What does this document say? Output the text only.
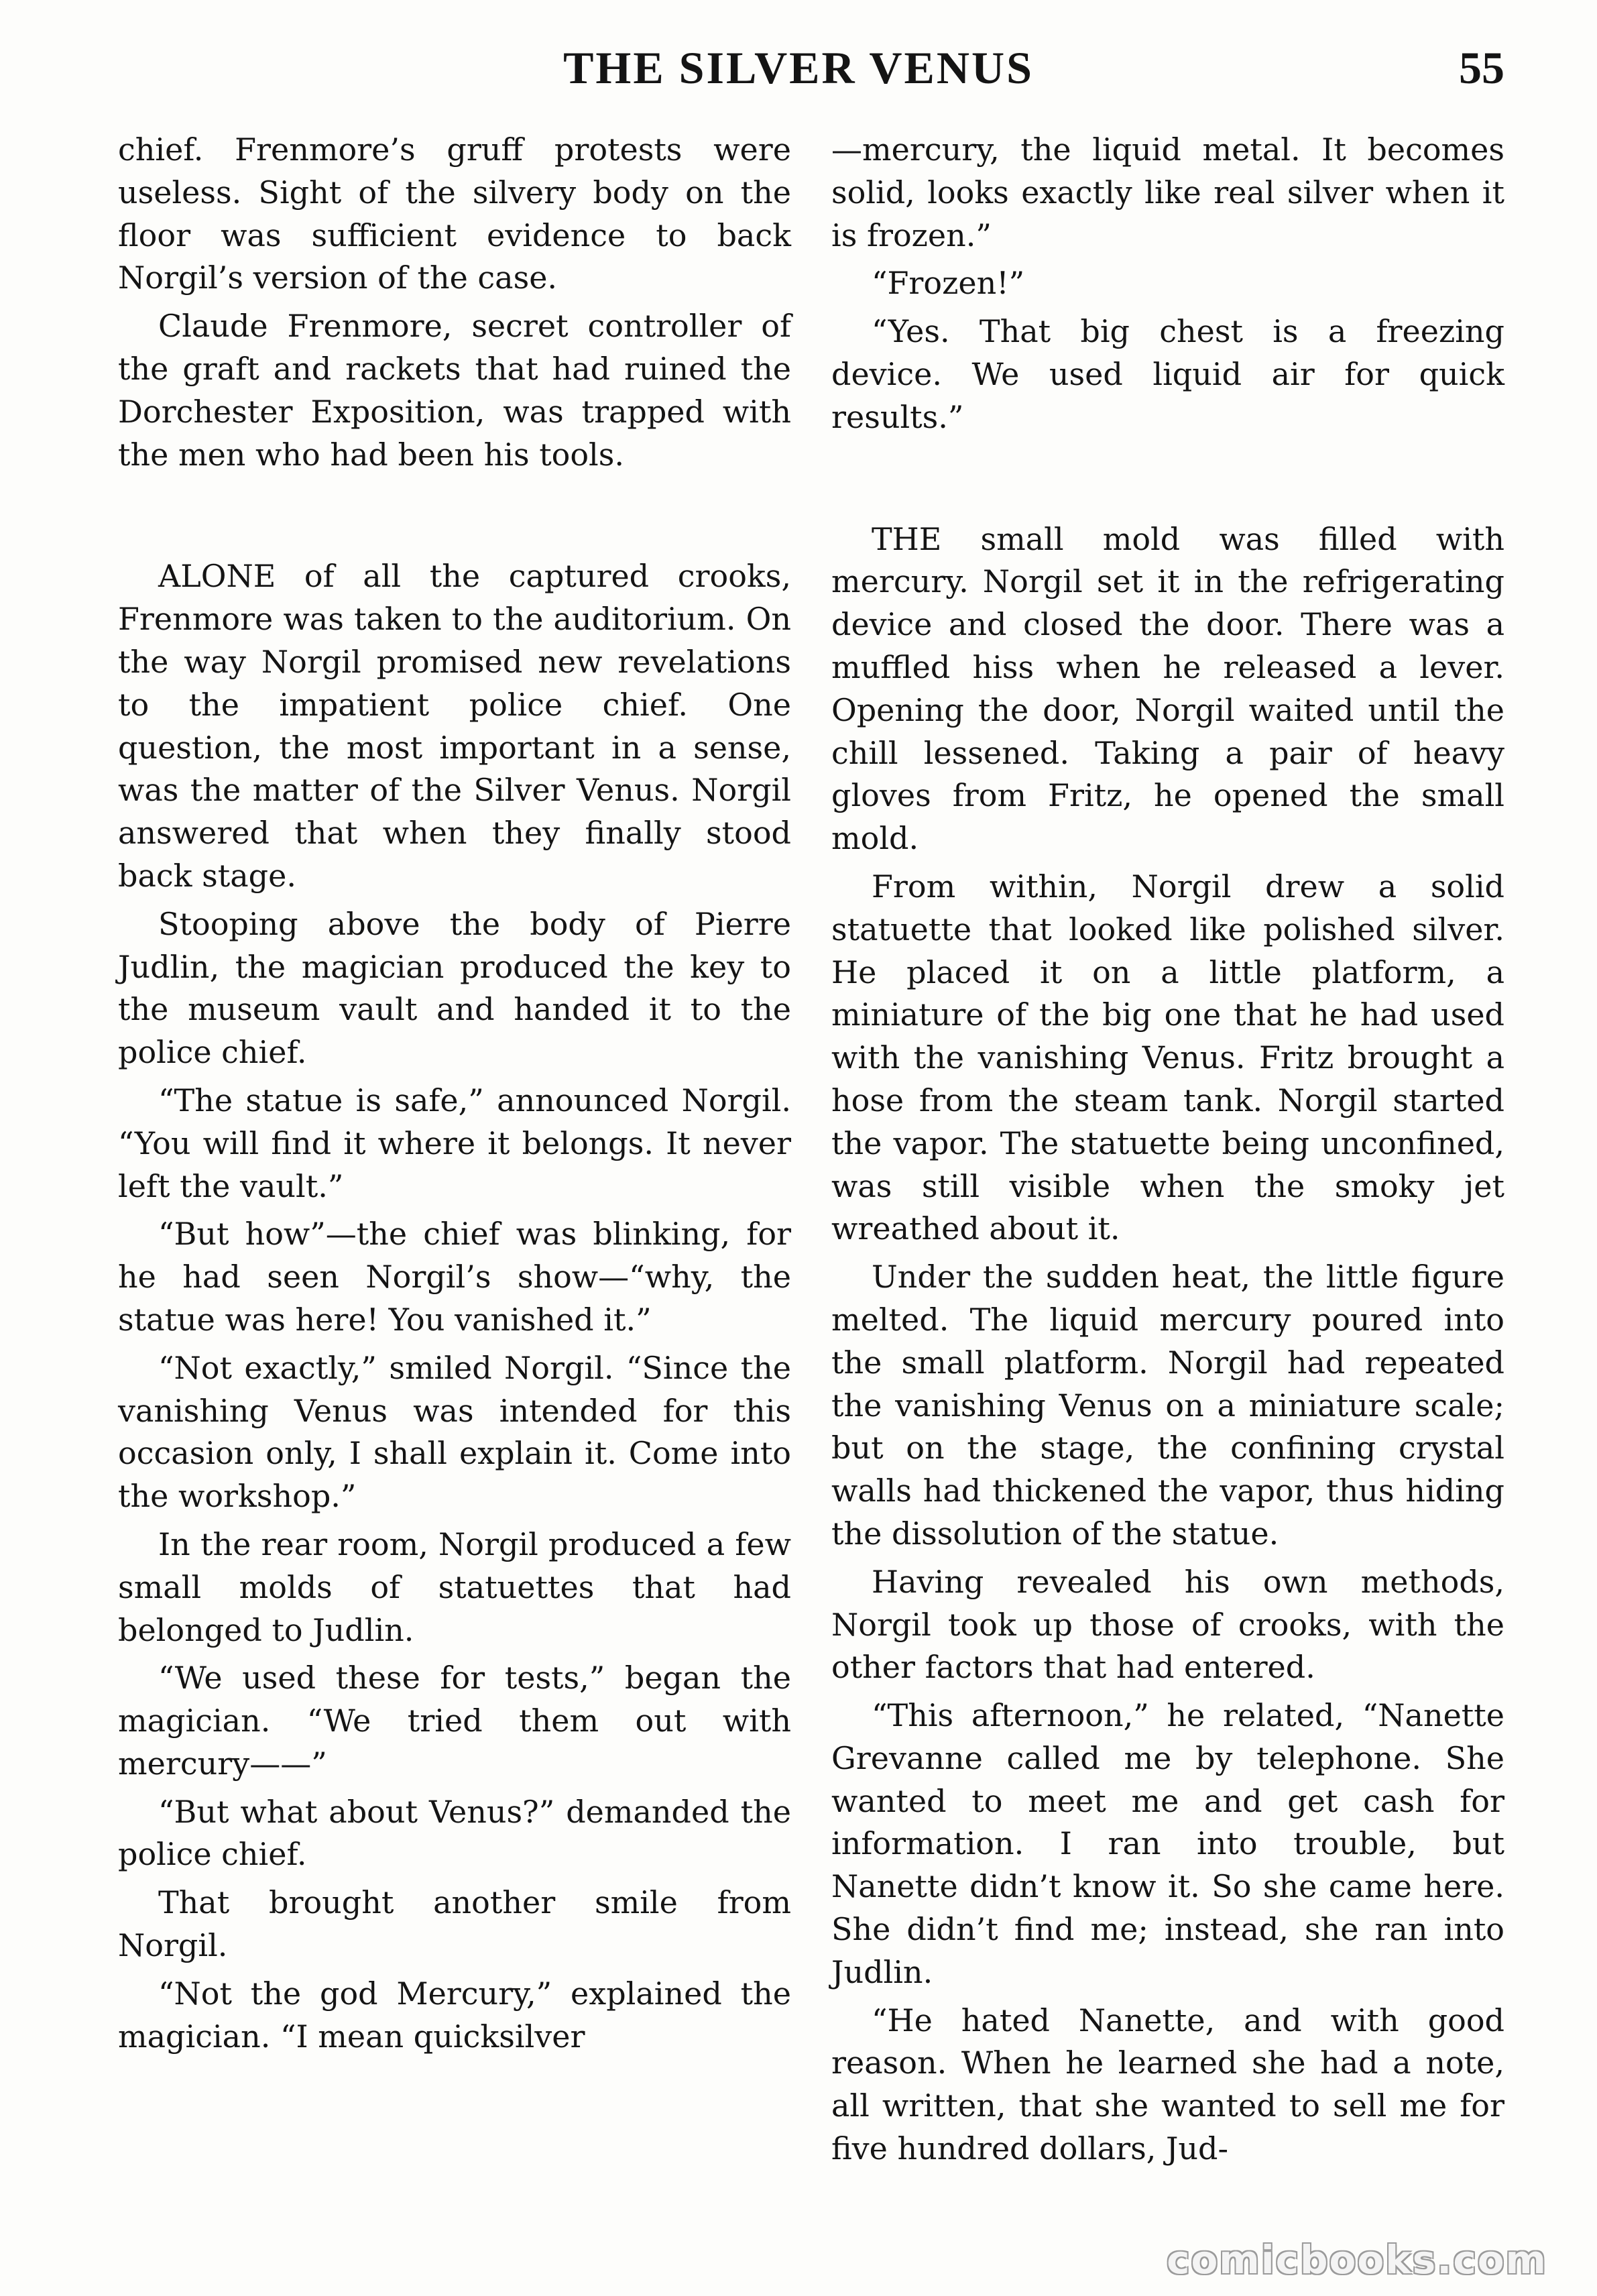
THE SILVER VENUS	55

chief. Frenmore’s gruff protests were useless. Sight of the silvery body on the floor was sufficient evidence to back Norgil’s version of the case.

Claude Frenmore, secret controller of the graft and rackets that had ruined the Dorchester Exposition, was trapped with the men who had been his tools.

ALONE of all the captured crooks, Frenmore was taken to the auditorium. On the way Norgil promised new revelations to the impatient police chief. One question, the most important in a sense, was the matter of the Silver Venus. Norgil answered that when they finally stood back stage.

Stooping above the body of Pierre Judlin, the magician produced the key to the museum vault and handed it to the police chief.

“The statue is safe,” announced Norgil. “You will find it where it belongs. It never left the vault.”

“But how”—the chief was blinking, for he had seen Norgil’s show—“why, the statue was here! You vanished it.”

“Not exactly,” smiled Norgil. “Since the vanishing Venus was intended for this occasion only, I shall explain it. Come into the workshop.”

In the rear room, Norgil produced a few small molds of statuettes that had belonged to Judlin.

“We used these for tests,” began the magician. “We tried them out with mercury——”

“But what about Venus?” demanded the police chief.

That brought another smile from Norgil.

“Not the god Mercury,” explained the magician. “I mean quicksilver

—mercury, the liquid metal. It becomes solid, looks exactly like real silver when it is frozen.”

“Frozen!”

“Yes. That big chest is a freezing device. We used liquid air for quick results.”

THE small mold was filled with mercury. Norgil set it in the refrigerating device and closed the door. There was a muffled hiss when he released a lever. Opening the door, Norgil waited until the chill lessened. Taking a pair of heavy gloves from Fritz, he opened the small mold.

From within, Norgil drew a solid statuette that looked like polished silver. He placed it on a little platform, a miniature of the big one that he had used with the vanishing Venus. Fritz brought a hose from the steam tank. Norgil started the vapor. The statuette being unconfined, was still visible when the smoky jet wreathed about it.

Under the sudden heat, the little figure melted. The liquid mercury poured into the small platform. Norgil had repeated the vanishing Venus on a miniature scale; but on the stage, the confining crystal walls had thickened the vapor, thus hiding the dissolution of the statue.

Having revealed his own methods, Norgil took up those of crooks, with the other factors that had entered.

“This afternoon,” he related, “Nanette Grevanne called me by telephone. She wanted to meet me and get cash for information. I ran into trouble, but Nanette didn’t know it. So she came here. She didn’t find me; instead, she ran into Judlin.

“He hated Nanette, and with good reason. When he learned she had a note, all written, that she wanted to sell me for five hundred dollars, Jud-

comicbooks.com
